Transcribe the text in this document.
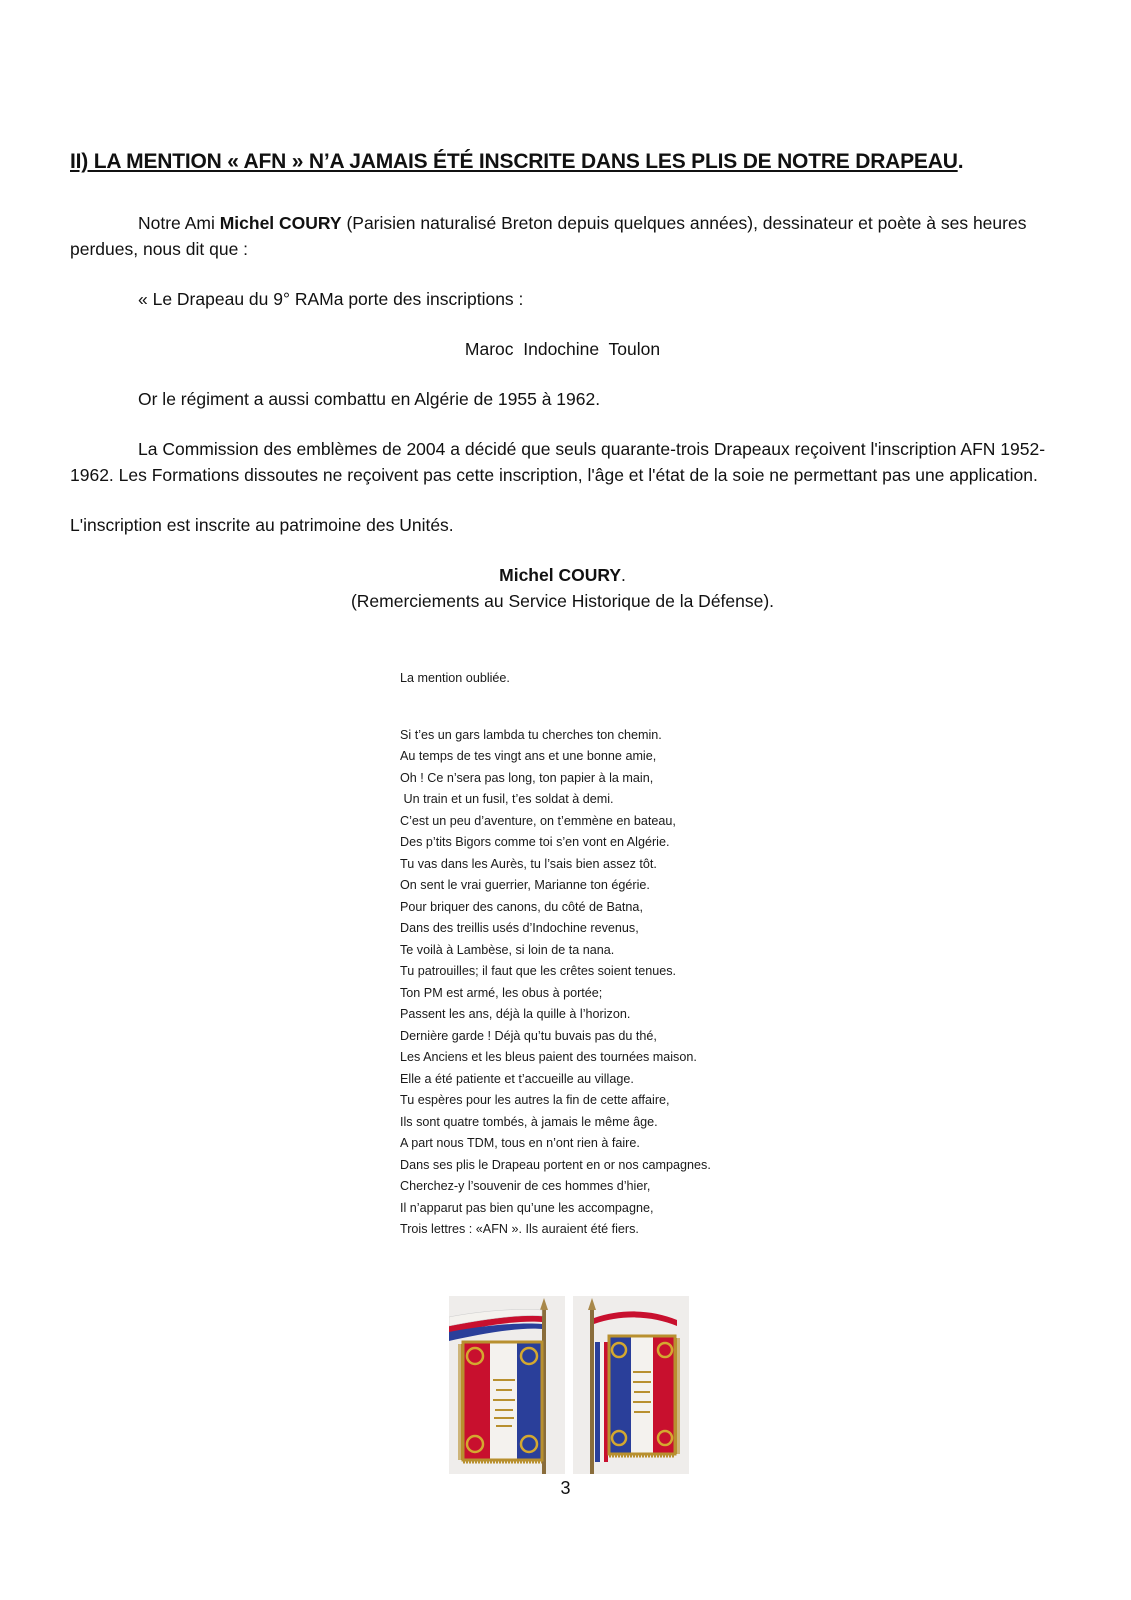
II) LA MENTION « AFN » N’A JAMAIS ÉTÉ INSCRITE DANS LES PLIS DE NOTRE DRAPEAU.
Notre Ami Michel COURY (Parisien naturalisé Breton depuis quelques années), dessinateur et poète à ses heures perdues, nous dit que :
« Le Drapeau du 9° RAMa porte des inscriptions :
Maroc  Indochine  Toulon
Or le régiment a aussi combattu en Algérie de 1955 à 1962.
La Commission des emblèmes de 2004 a décidé que seuls quarante-trois Drapeaux reçoivent l'inscription AFN 1952-1962. Les Formations dissoutes ne reçoivent pas cette inscription, l'âge et l'état de la soie ne permettant pas une application.
L'inscription est inscrite au patrimoine des Unités.
Michel COURY.
(Remerciements au Service Historique de la Défense).
La mention oubliée.
Si t’es un gars lambda tu cherches ton chemin.
Au temps de tes vingt ans et une bonne amie,
Oh ! Ce n’sera pas long, ton papier à la main,
Un train et un fusil, t’es soldat à demi.
C’est un peu d’aventure, on t’emmène en bateau,
Des p’tits Bigors comme toi s’en vont en Algérie.
Tu vas dans les Aurès, tu l’sais bien assez tôt.
On sent le vrai guerrier, Marianne ton égérie.
Pour briquer des canons, du côté de Batna,
Dans des treillis usés d’Indochine revenus,
Te voilà à Lambèse, si loin de ta nana.
Tu patrouilles; il faut que les crêtes soient tenues.
Ton PM est armé, les obus à portée;
Passent les ans, déjà la quille à l’horizon.
Dernière garde ! Déjà qu’tu buvais pas du thé,
Les Anciens et les bleus paient des tournées maison.
Elle a été patiente et t’accueille au village.
Tu espères pour les autres la fin de cette affaire,
Ils sont quatre tombés, à jamais le même âge.
A part nous TDM, tous en n’ont rien à faire.
Dans ses plis le Drapeau portent en or nos campagnes.
Cherchez-y l’souvenir de ces hommes d’hier,
Il n’apparut pas bien qu’une les accompagne,
Trois lettres : «AFN ». Ils auraient été fiers.
3
